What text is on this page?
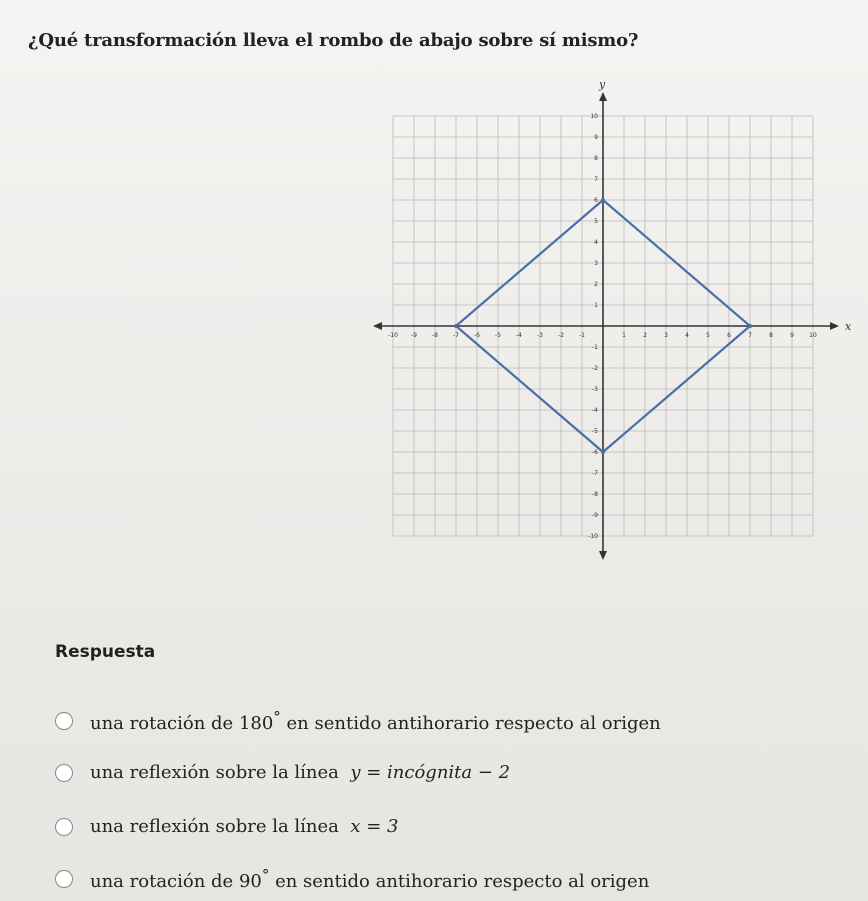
¿Qué transformación lleva el rombo de abajo sobre sí mismo?
x
y
-10 -9	-8	-7	-6	-5	-4	-3	-2	-1	1	2	3	4	5	6	7	8	9	10
10
9
8
7
6
5
4
3
2
1
-1
-2
-3
-4
-5
-6
-7
-8
-9
-10
Respuesta
una rotación de 180° en sentido antihorario respecto al origen
una reflexión sobre la línea  y = incógnita − 2
una reflexión sobre la línea  x = 3
una rotación de 90° en sentido antihorario respecto al origen
